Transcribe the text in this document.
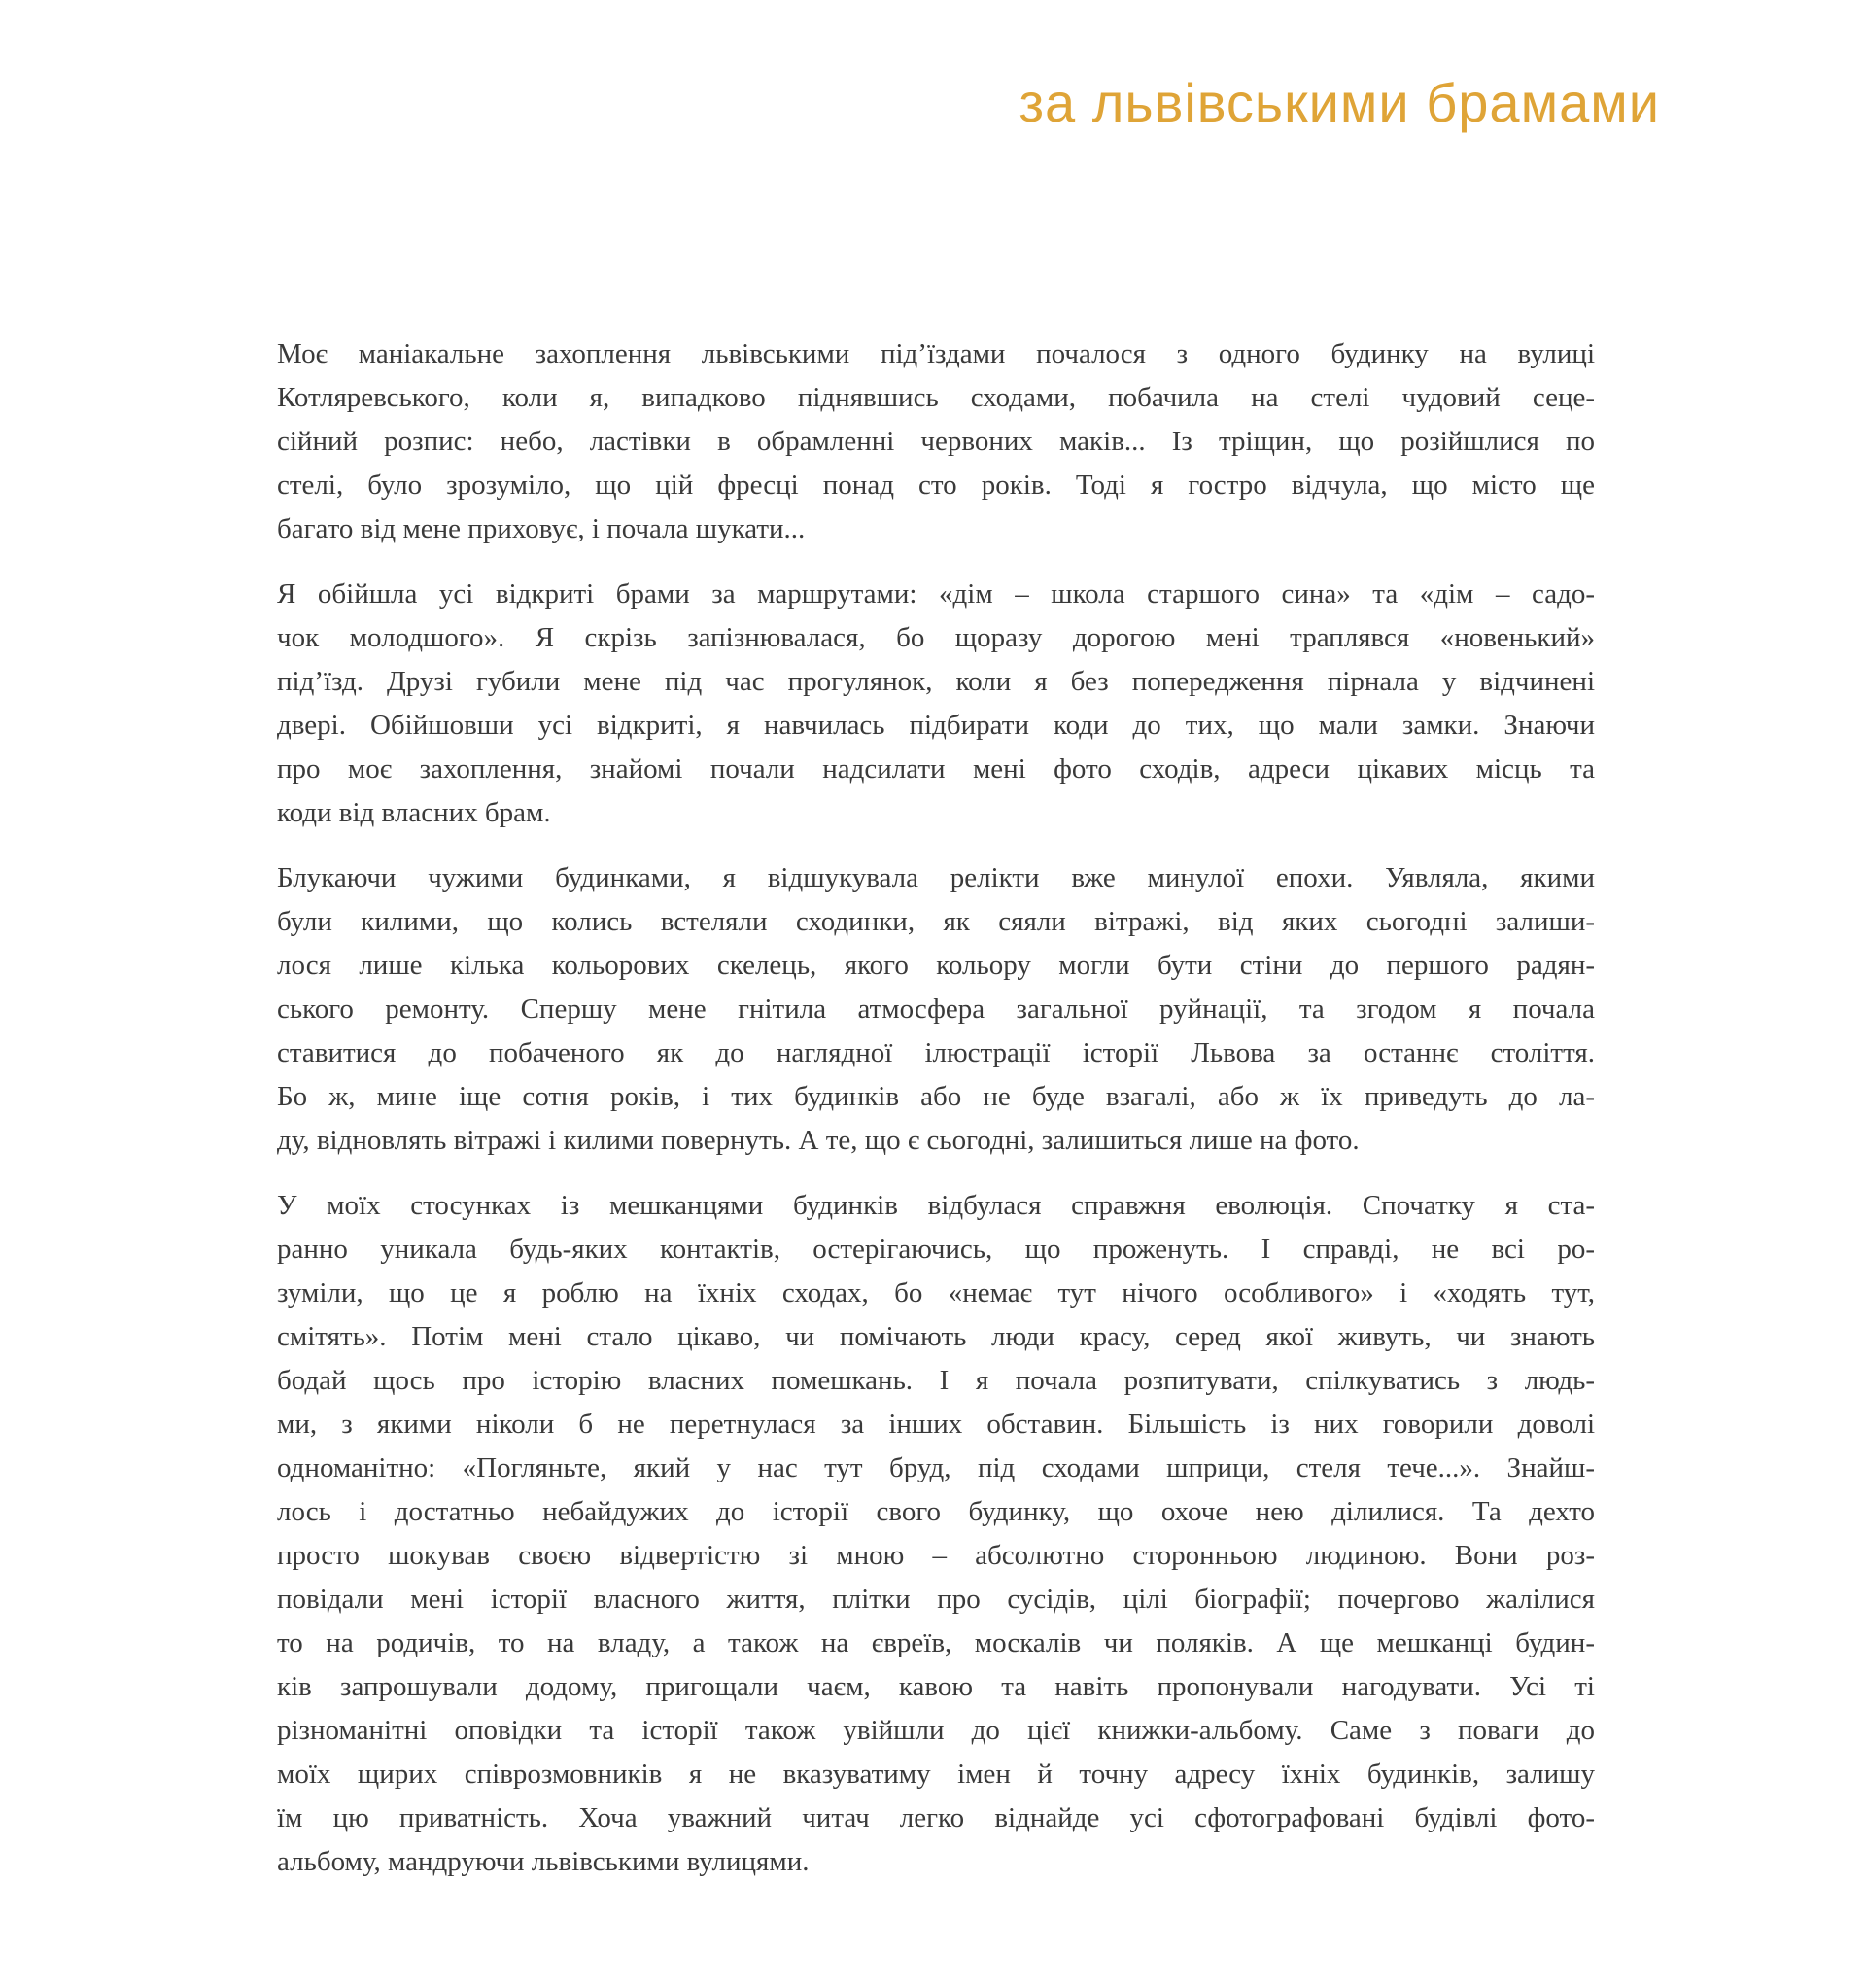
за львівськими брамами
Моє маніакальне захоплення львівськими під’їздами почалося з одного будинку на вулиці
Котляревського, коли я, випадково піднявшись сходами, побачила на стелі чудовий сеце-
сійний розпис: небо, ластівки в обрамленні червоних маків... Із тріщин, що розійшлися по
стелі, було зрозуміло, що цій фресці понад сто років. Тоді я гостро відчула, що місто ще
багато від мене приховує, і почала шукати...
Я обійшла усі відкриті брами за маршрутами: «дім – школа старшого сина» та «дім – садо-
чок молодшого». Я скрізь запізнювалася, бо щоразу дорогою мені траплявся «новенький»
під’їзд. Друзі губили мене під час прогулянок, коли я без попередження пірнала у відчинені
двері. Обійшовши усі відкриті, я навчилась підбирати коди до тих, що мали замки. Знаючи
про моє захоплення, знайомі почали надсилати мені фото сходів, адреси цікавих місць та
коди від власних брам.
Блукаючи чужими будинками, я відшукувала релікти вже минулої епохи. Уявляла, якими
були килими, що колись встеляли сходинки, як сяяли вітражі, від яких сьогодні залиши-
лося лише кілька кольорових скелець, якого кольору могли бути стіни до першого радян-
ського ремонту. Спершу мене гнітила атмосфера загальної руйнації, та згодом я почала
ставитися до побаченого як до наглядної ілюстрації історії Львова за останнє століття.
Бо ж, мине іще сотня років, і тих будинків або не буде взагалі, або ж їх приведуть до ла-
ду, відновлять вітражі і килими повернуть. А те, що є сьогодні, залишиться лише на фото.
У моїх стосунках із мешканцями будинків відбулася справжня еволюція. Спочатку я ста-
ранно уникала будь-яких контактів, остерігаючись, що проженуть. І справді, не всі ро-
зуміли, що це я роблю на їхніх сходах, бо «немає тут нічого особливого» і «ходять тут,
смітять». Потім мені стало цікаво, чи помічають люди красу, серед якої живуть, чи знають
бодай щось про історію власних помешкань. І я почала розпитувати, спілкуватись з людь-
ми, з якими ніколи б не перетнулася за інших обставин. Більшість із них говорили доволі
одноманітно: «Погляньте, який у нас тут бруд, під сходами шприци, стеля тече...». Знайш-
лось і достатньо небайдужих до історії свого будинку, що охоче нею ділилися. Та дехто
просто шокував своєю відвертістю зі мною – абсолютно сторонньою людиною. Вони роз-
повідали мені історії власного життя, плітки про сусідів, цілі біографії; почергово жалілися
то на родичів, то на владу, а також на євреїв, москалів чи поляків. А ще мешканці будин-
ків запрошували додому, пригощали чаєм, кавою та навіть пропонували нагодувати. Усі ті
різноманітні оповідки та історії також увійшли до цієї книжки-альбому. Саме з поваги до
моїх щирих співрозмовників я не вказуватиму імен й точну адресу їхніх будинків, залишу
їм цю приватність. Хоча уважний читач легко віднайде усі сфотографовані будівлі фото-
альбому, мандруючи львівськими вулицями.
